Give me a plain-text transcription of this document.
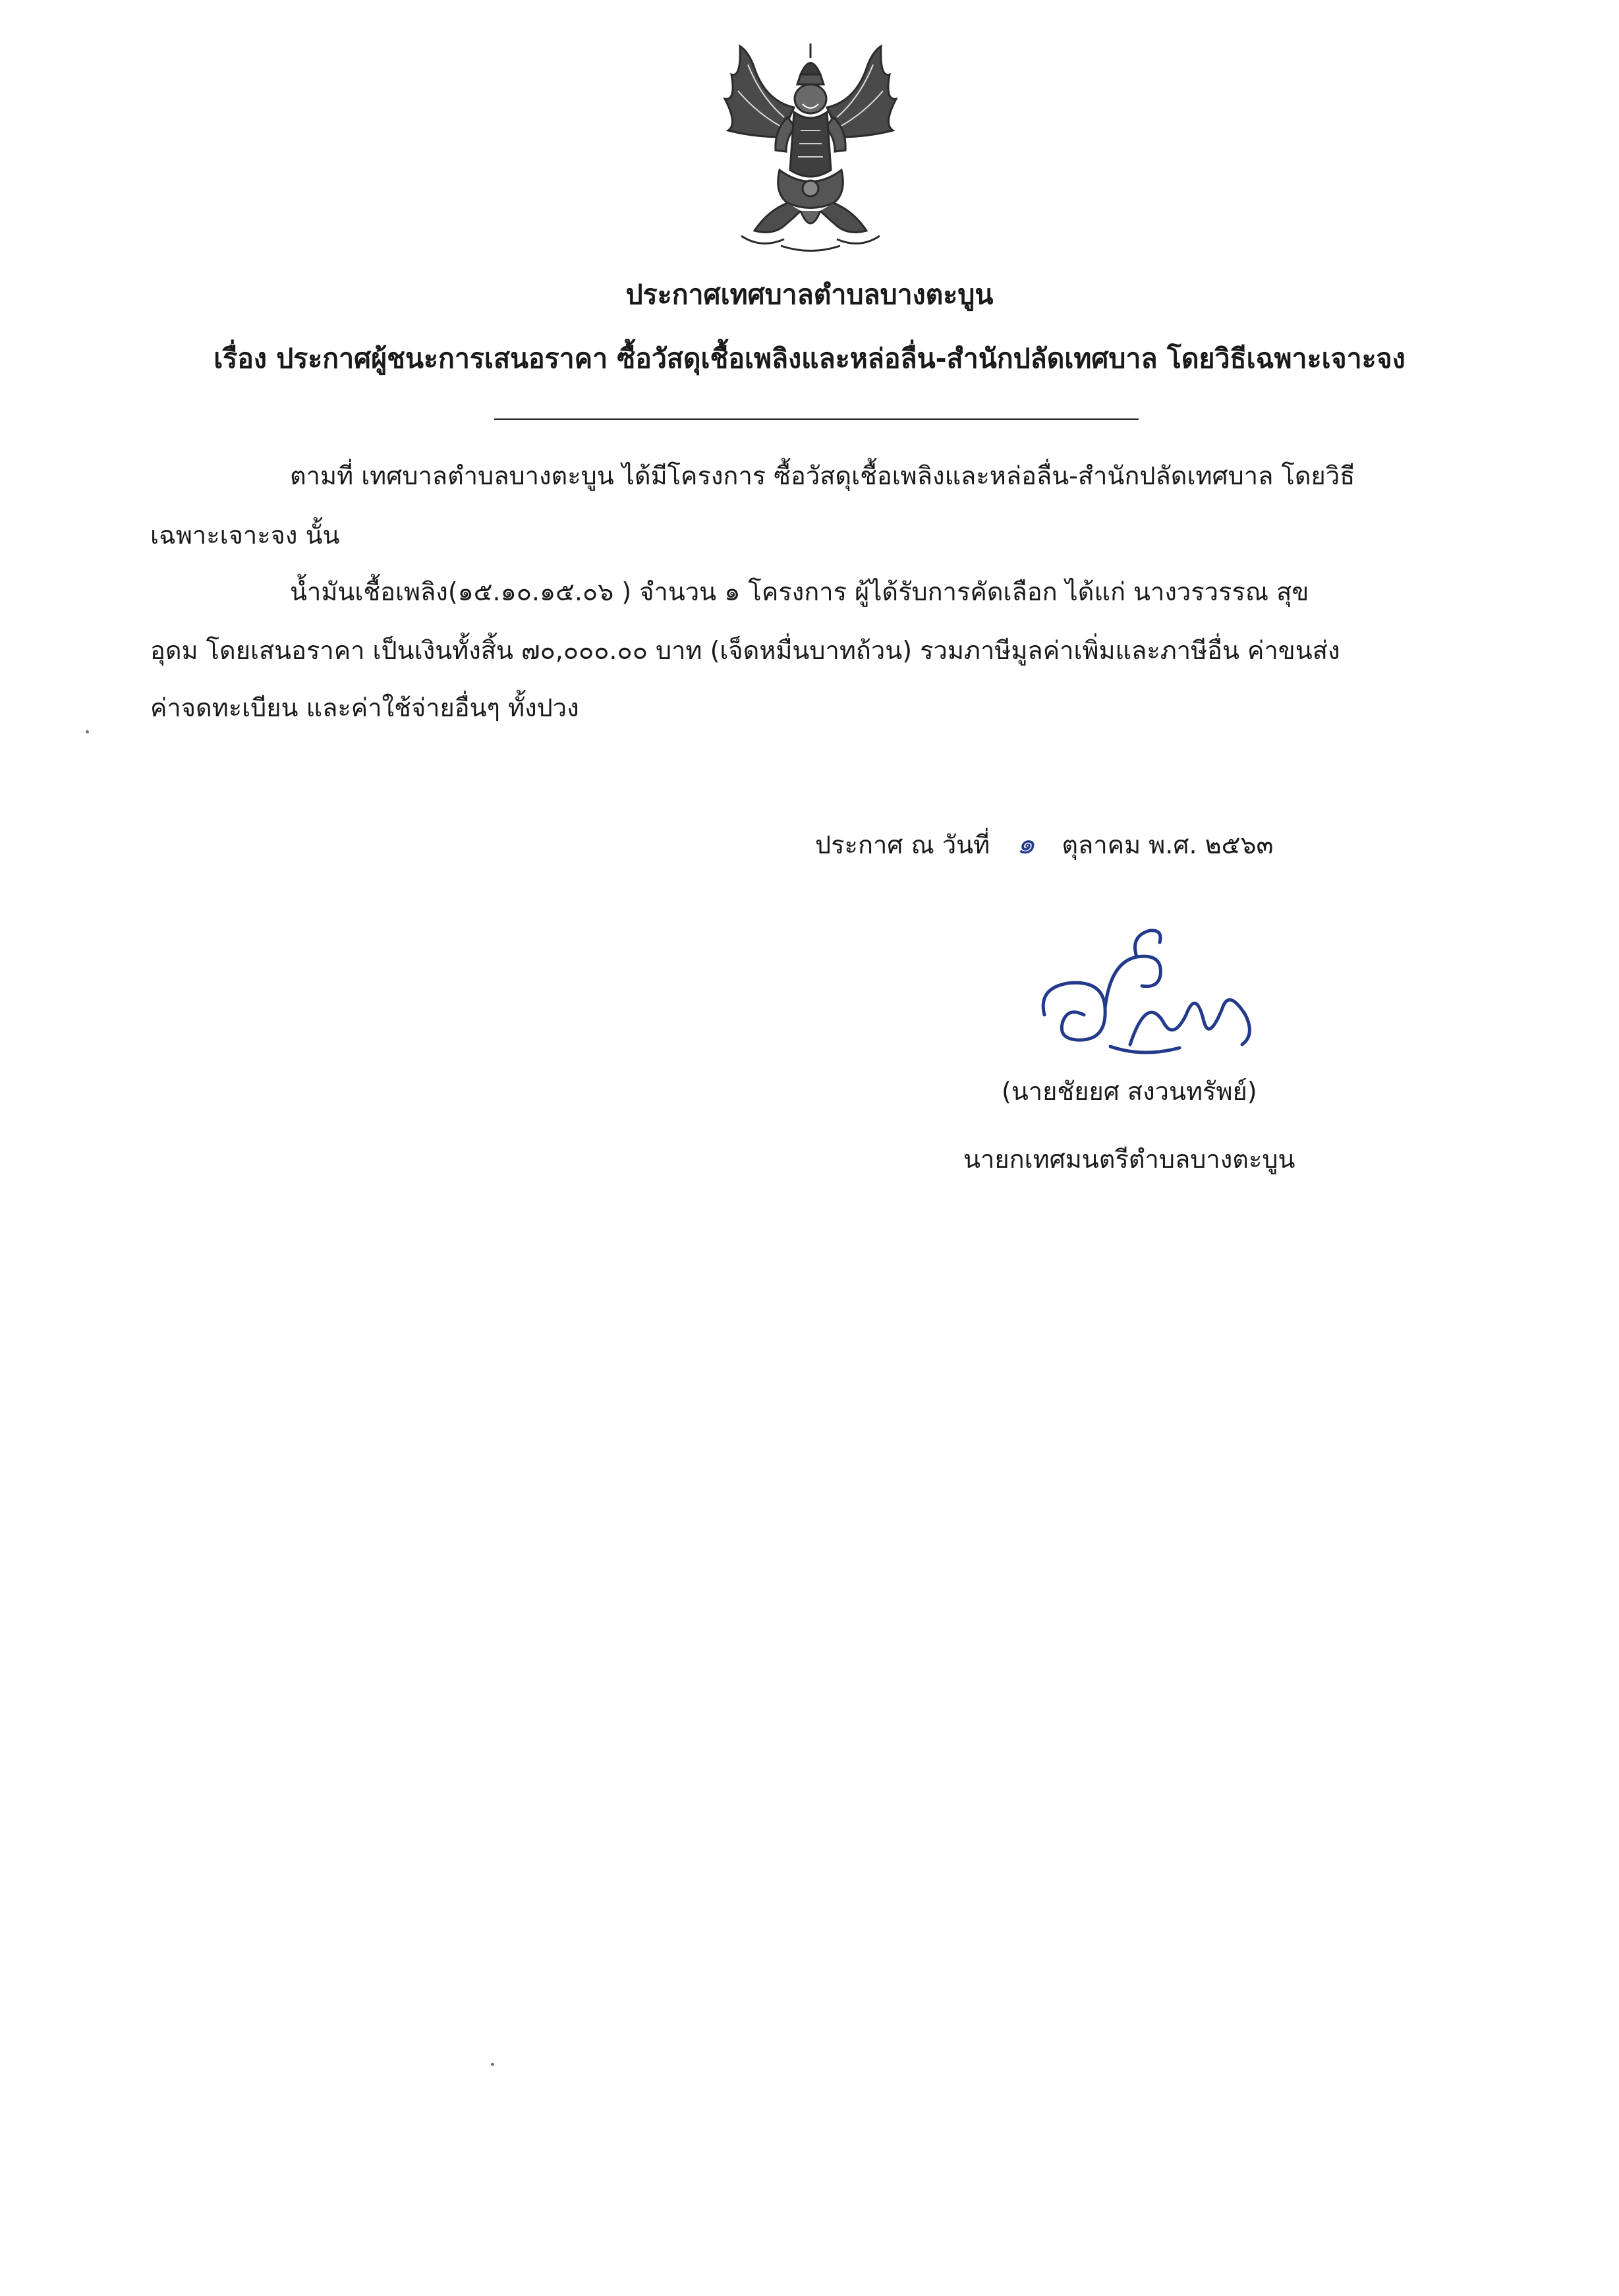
ประกาศเทศบาลตำบลบางตะบูน
เรื่อง ประกาศผู้ชนะการเสนอราคา ซื้อวัสดุเชื้อเพลิงและหล่อลื่น-สำนักปลัดเทศบาล โดยวิธีเฉพาะเจาะจง
ตามที่ เทศบาลตำบลบางตะบูน ได้มีโครงการ ซื้อวัสดุเชื้อเพลิงและหล่อลื่น-สำนักปลัดเทศบาล โดยวิธี
เฉพาะเจาะจง นั้น
น้ำมันเชื้อเพลิง(๑๕.๑๐.๑๕.๐๖ ) จำนวน ๑ โครงการ ผู้ได้รับการคัดเลือก ได้แก่ นางวรวรรณ สุข
อุดม โดยเสนอราคา เป็นเงินทั้งสิ้น ๗๐,๐๐๐.๐๐ บาท (เจ็ดหมื่นบาทถ้วน) รวมภาษีมูลค่าเพิ่มและภาษีอื่น ค่าขนส่ง
ค่าจดทะเบียน และค่าใช้จ่ายอื่นๆ ทั้งปวง
ประกาศ ณ วันที่ ๑ ตุลาคม พ.ศ. ๒๕๖๓
(นายชัยยศ สงวนทรัพย์)
นายกเทศมนตรีตำบลบางตะบูน
